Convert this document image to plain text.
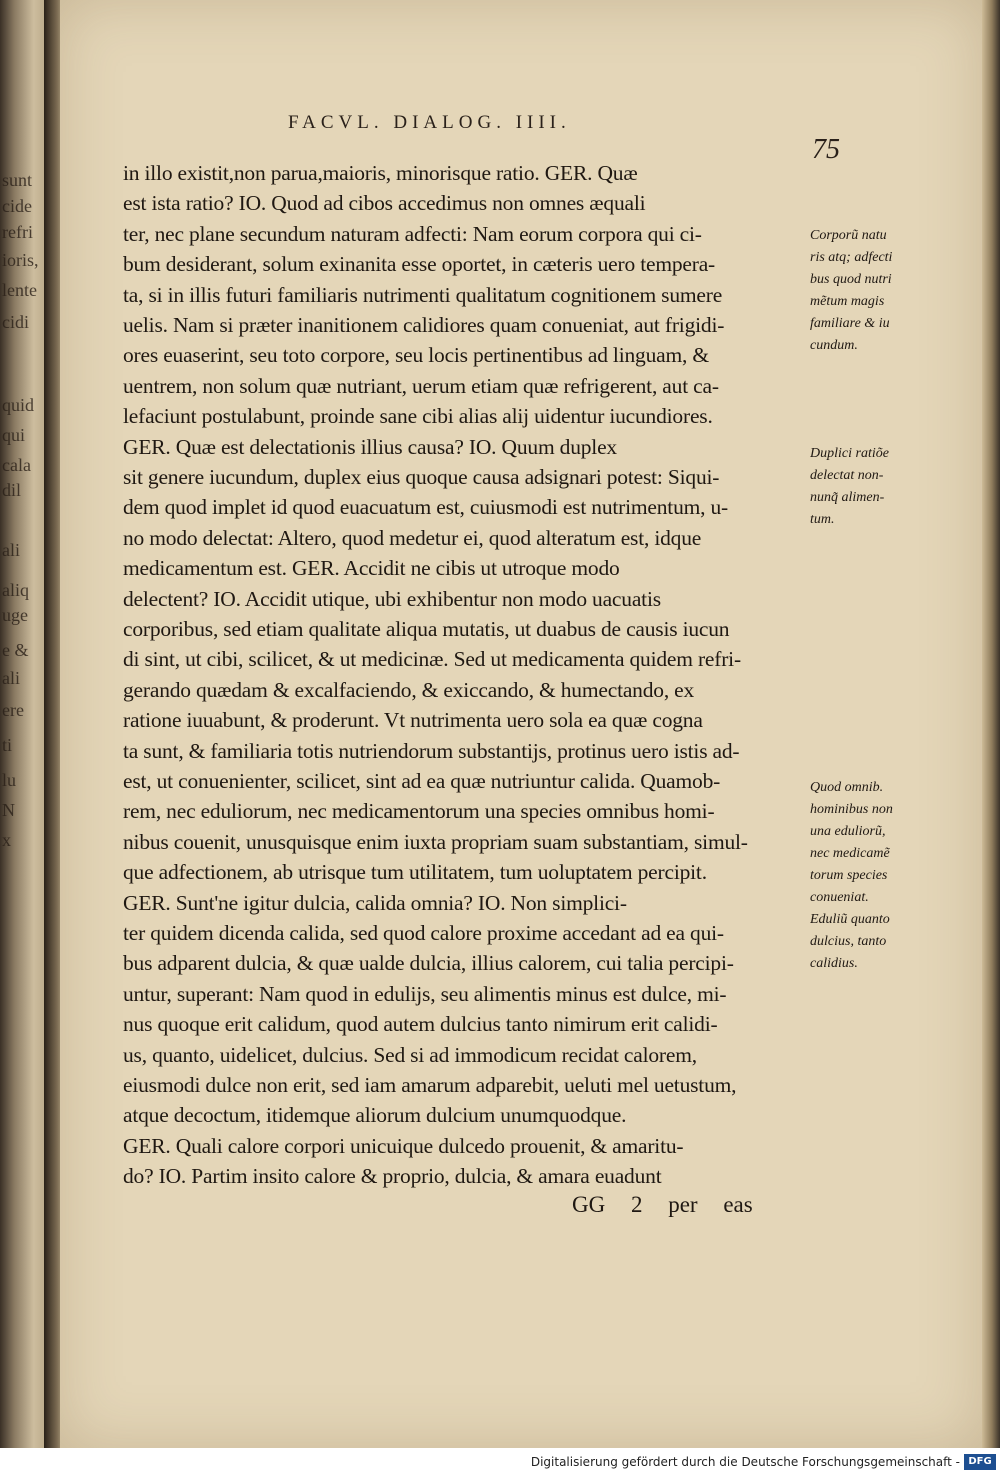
sunt
cide
refri
ioris,
lente
cidi
quid
qui
cala
dil
ali
aliq
uge
e &
ali
ere
ti
lu
N
x
FACVL. DIALOG. IIII.
75
in illo existit,non parua,maioris, minorisque ratio. GER. Quæ
est ista ratio? IO. Quod ad cibos accedimus non omnes æquali
ter, nec plane secundum naturam adfecti: Nam eorum corpora qui ci-
bum desiderant, solum exinanita esse oportet, in cæteris uero tempera-
ta, si in illis futuri familiaris nutrimenti qualitatum cognitionem sumere
uelis. Nam si præter inanitionem calidiores quam conueniat, aut frigidi-
ores euaserint, seu toto corpore, seu locis pertinentibus ad linguam, &
uentrem, non solum quæ nutriant, uerum etiam quæ refrigerent, aut ca-
lefaciunt postulabunt, proinde sane cibi alias alij uidentur iucundiores.
GER. Quæ est delectationis illius causa? IO. Quum duplex
sit genere iucundum, duplex eius quoque causa adsignari potest: Siqui-
dem quod implet id quod euacuatum est, cuiusmodi est nutrimentum, u-
no modo delectat: Altero, quod medetur ei, quod alteratum est, idque
medicamentum est. GER. Accidit ne cibis ut utroque modo
delectent? IO. Accidit utique, ubi exhibentur non modo uacuatis
corporibus, sed etiam qualitate aliqua mutatis, ut duabus de causis iucun
di sint, ut cibi, scilicet, & ut medicinæ. Sed ut medicamenta quidem refri-
gerando quædam & excalfaciendo, & exiccando, & humectando, ex
ratione iuuabunt, & proderunt. Vt nutrimenta uero sola ea quæ cogna
ta sunt, & familiaria totis nutriendorum substantijs, protinus uero istis ad-
est, ut conuenienter, scilicet, sint ad ea quæ nutriuntur calida. Quamob-
rem, nec eduliorum, nec medicamentorum una species omnibus homi-
nibus couenit, unusquisque enim iuxta propriam suam substantiam, simul-
que adfectionem, ab utrisque tum utilitatem, tum uoluptatem percipit.
GER. Sunt'ne igitur dulcia, calida omnia? IO. Non simplici-
ter quidem dicenda calida, sed quod calore proxime accedant ad ea qui-
bus adparent dulcia, & quæ ualde dulcia, illius calorem, cui talia percipi-
untur, superant: Nam quod in edulijs, seu alimentis minus est dulce, mi-
nus quoque erit calidum, quod autem dulcius tanto nimirum erit calidi-
us, quanto, uidelicet, dulcius. Sed si ad immodicum recidat calorem,
eiusmodi dulce non erit, sed iam amarum adparebit, ueluti mel uetustum,
atque decoctum, itidemque aliorum dulcium unumquodque.
GER. Quali calore corpori unicuique dulcedo prouenit, & amaritu-
do? IO. Partim insito calore & proprio, dulcia, & amara euadunt
Corporũ natu
ris atq; adfecti
bus quod nutri
mẽtum magis
familiare & iu
cundum.
Duplici ratiõe
delectat non-
nunq̃ alimen-
tum.
Quod omnib.
hominibus non
una eduliorũ,
nec medicamẽ
torum species
conueniat.
Eduliũ quanto
dulcius, tanto
calidius.
GG 2 per eas
Digitalisierung gefördert durch die Deutsche Forschungsgemeinschaft - DFG
